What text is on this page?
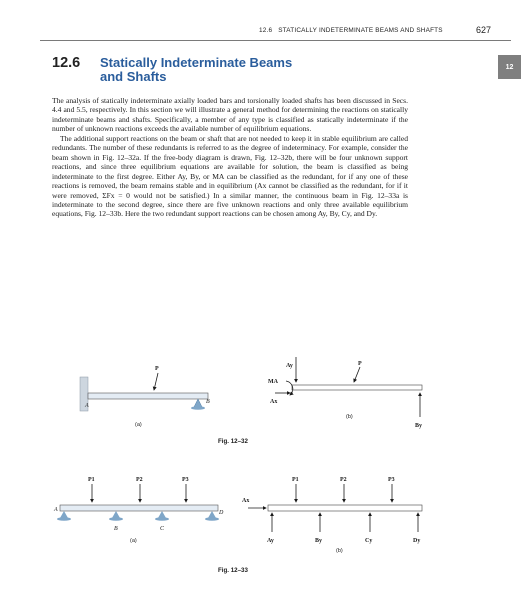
12.6 STATICALLY INDETERMINATE BEAMS AND SHAFTS	627
12
12.6 Statically Indeterminate Beams
and Shafts

The analysis of statically indeterminate axially loaded bars and torsionally loaded shafts has been discussed in Secs. 4.4 and 5.5, respectively. In this section we will illustrate a general method for determining the reactions on statically indeterminate beams and shafts. Specifically, a member of any type is classified as statically indeterminate if the number of unknown reactions exceeds the available number of equilibrium equations.

The additional support reactions on the beam or shaft that are not needed to keep it in stable equilibrium are called redundants. The number of these redundants is referred to as the degree of indeterminacy. For example, consider the beam shown in Fig. 12–32a. If the free-body diagram is drawn, Fig. 12–32b, there will be four unknown support reactions, and since three equilibrium equations are available for solution, the beam is classified as being indeterminate to the first degree. Either Ay, By, or MA can be classified as the redundant, for if any one of these reactions is removed, the beam remains stable and in equilibrium (Ax cannot be classified as the redundant, for if it were removed, ΣFx = 0 would not be satisfied.) In a similar manner, the continuous beam in Fig. 12–33a is indeterminate to the second degree, since there are five unknown reactions and only three available equilibrium equations, Fig. 12–33b. Here the two redundant support reactions can be chosen among Ay, By, Cy, and Dy.

P
A
B
(a)
Ay
MA
Ax
P
By
(b)
Fig. 12–32
P1	P2	P3
A
B	C
D
(a)
Ax
Ay	By	Cy	Dy
P1	P2	P3
(b)
Fig. 12–33
